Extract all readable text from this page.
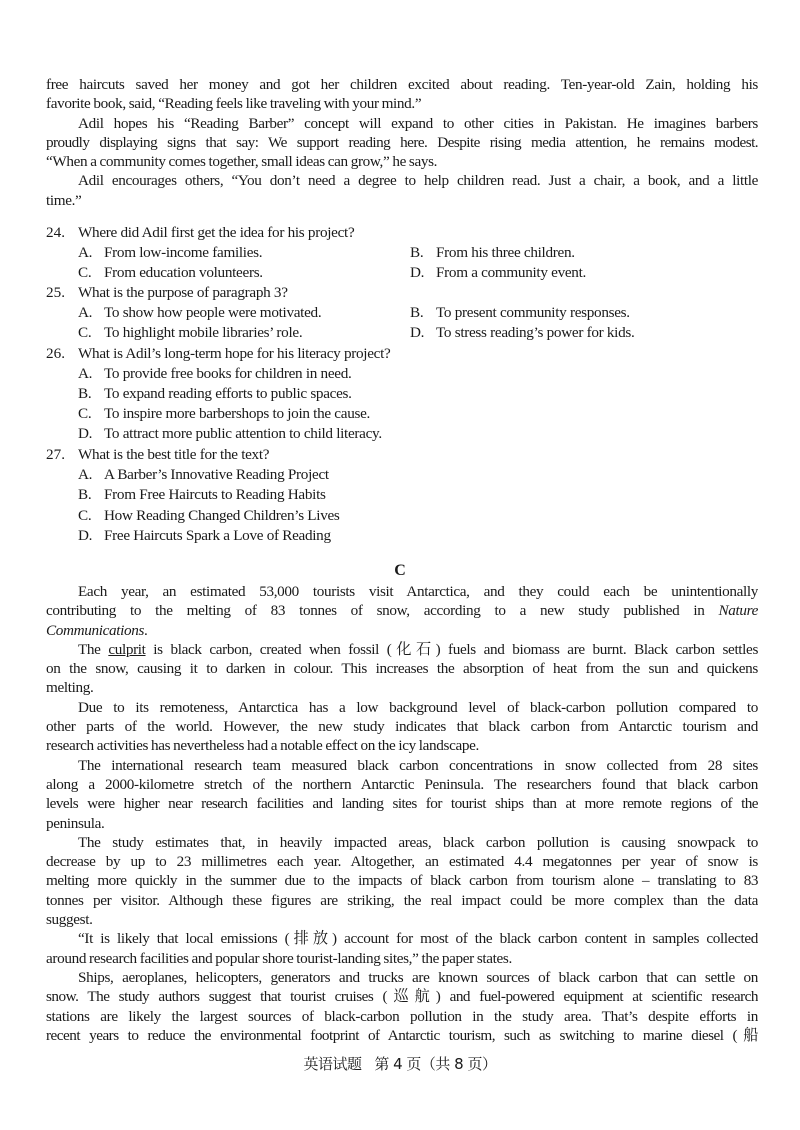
free haircuts saved her money and got her children excited about reading. Ten-year-old Zain, holding his
favorite book, said, “Reading feels like traveling with your mind.”
Adil hopes his “Reading Barber” concept will expand to other cities in Pakistan. He imagines barbers
proudly displaying signs that say: We support reading here. Despite rising media attention, he remains modest.
“When a community comes together, small ideas can grow,” he says.
Adil encourages others, “You don’t need a degree to help children read. Just a chair, a book, and a little
time.”
24. Where did Adil first get the idea for his project?
A. From low-income families.	B. From his three children.
C. From education volunteers.	D. From a community event.
25. What is the purpose of paragraph 3?
A. To show how people were motivated.	B. To present community responses.
C. To highlight mobile libraries’ role.	D. To stress reading’s power for kids.
26. What is Adil’s long-term hope for his literacy project?
A. To provide free books for children in need.
B. To expand reading efforts to public spaces.
C. To inspire more barbershops to join the cause.
D. To attract more public attention to child literacy.
27. What is the best title for the text?
A. A Barber’s Innovative Reading Project
B. From Free Haircuts to Reading Habits
C. How Reading Changed Children’s Lives
D. Free Haircuts Spark a Love of Reading
C
Each year, an estimated 53,000 tourists visit Antarctica, and they could each be unintentionally
contributing to the melting of 83 tonnes of snow, according to a new study published in Nature
Communications.
The culprit is black carbon, created when fossil (化石) fuels and biomass are burnt. Black carbon settles
on the snow, causing it to darken in colour. This increases the absorption of heat from the sun and quickens
melting.
Due to its remoteness, Antarctica has a low background level of black-carbon pollution compared to
other parts of the world. However, the new study indicates that black carbon from Antarctic tourism and
research activities has nevertheless had a notable effect on the icy landscape.
The international research team measured black carbon concentrations in snow collected from 28 sites
along a 2000-kilometre stretch of the northern Antarctic Peninsula. The researchers found that black carbon
levels were higher near research facilities and landing sites for tourist ships than at more remote regions of the
peninsula.
The study estimates that, in heavily impacted areas, black carbon pollution is causing snowpack to
decrease by up to 23 millimetres each year. Altogether, an estimated 4.4 megatonnes per year of snow is
melting more quickly in the summer due to the impacts of black carbon from tourism alone – translating to 83
tonnes per visitor. Although these figures are striking, the real impact could be more complex than the data
suggest.
“It is likely that local emissions (排放) account for most of the black carbon content in samples collected
around research facilities and popular shore tourist-landing sites,” the paper states.
Ships, aeroplanes, helicopters, generators and trucks are known sources of black carbon that can settle on
snow. The study authors suggest that tourist cruises (巡航) and fuel-powered equipment at scientific research
stations are likely the largest sources of black-carbon pollution in the study area. That’s despite efforts in
recent years to reduce the environmental footprint of Antarctic tourism, such as switching to marine diesel (船
英语试题 第 4 页（共 8 页）
